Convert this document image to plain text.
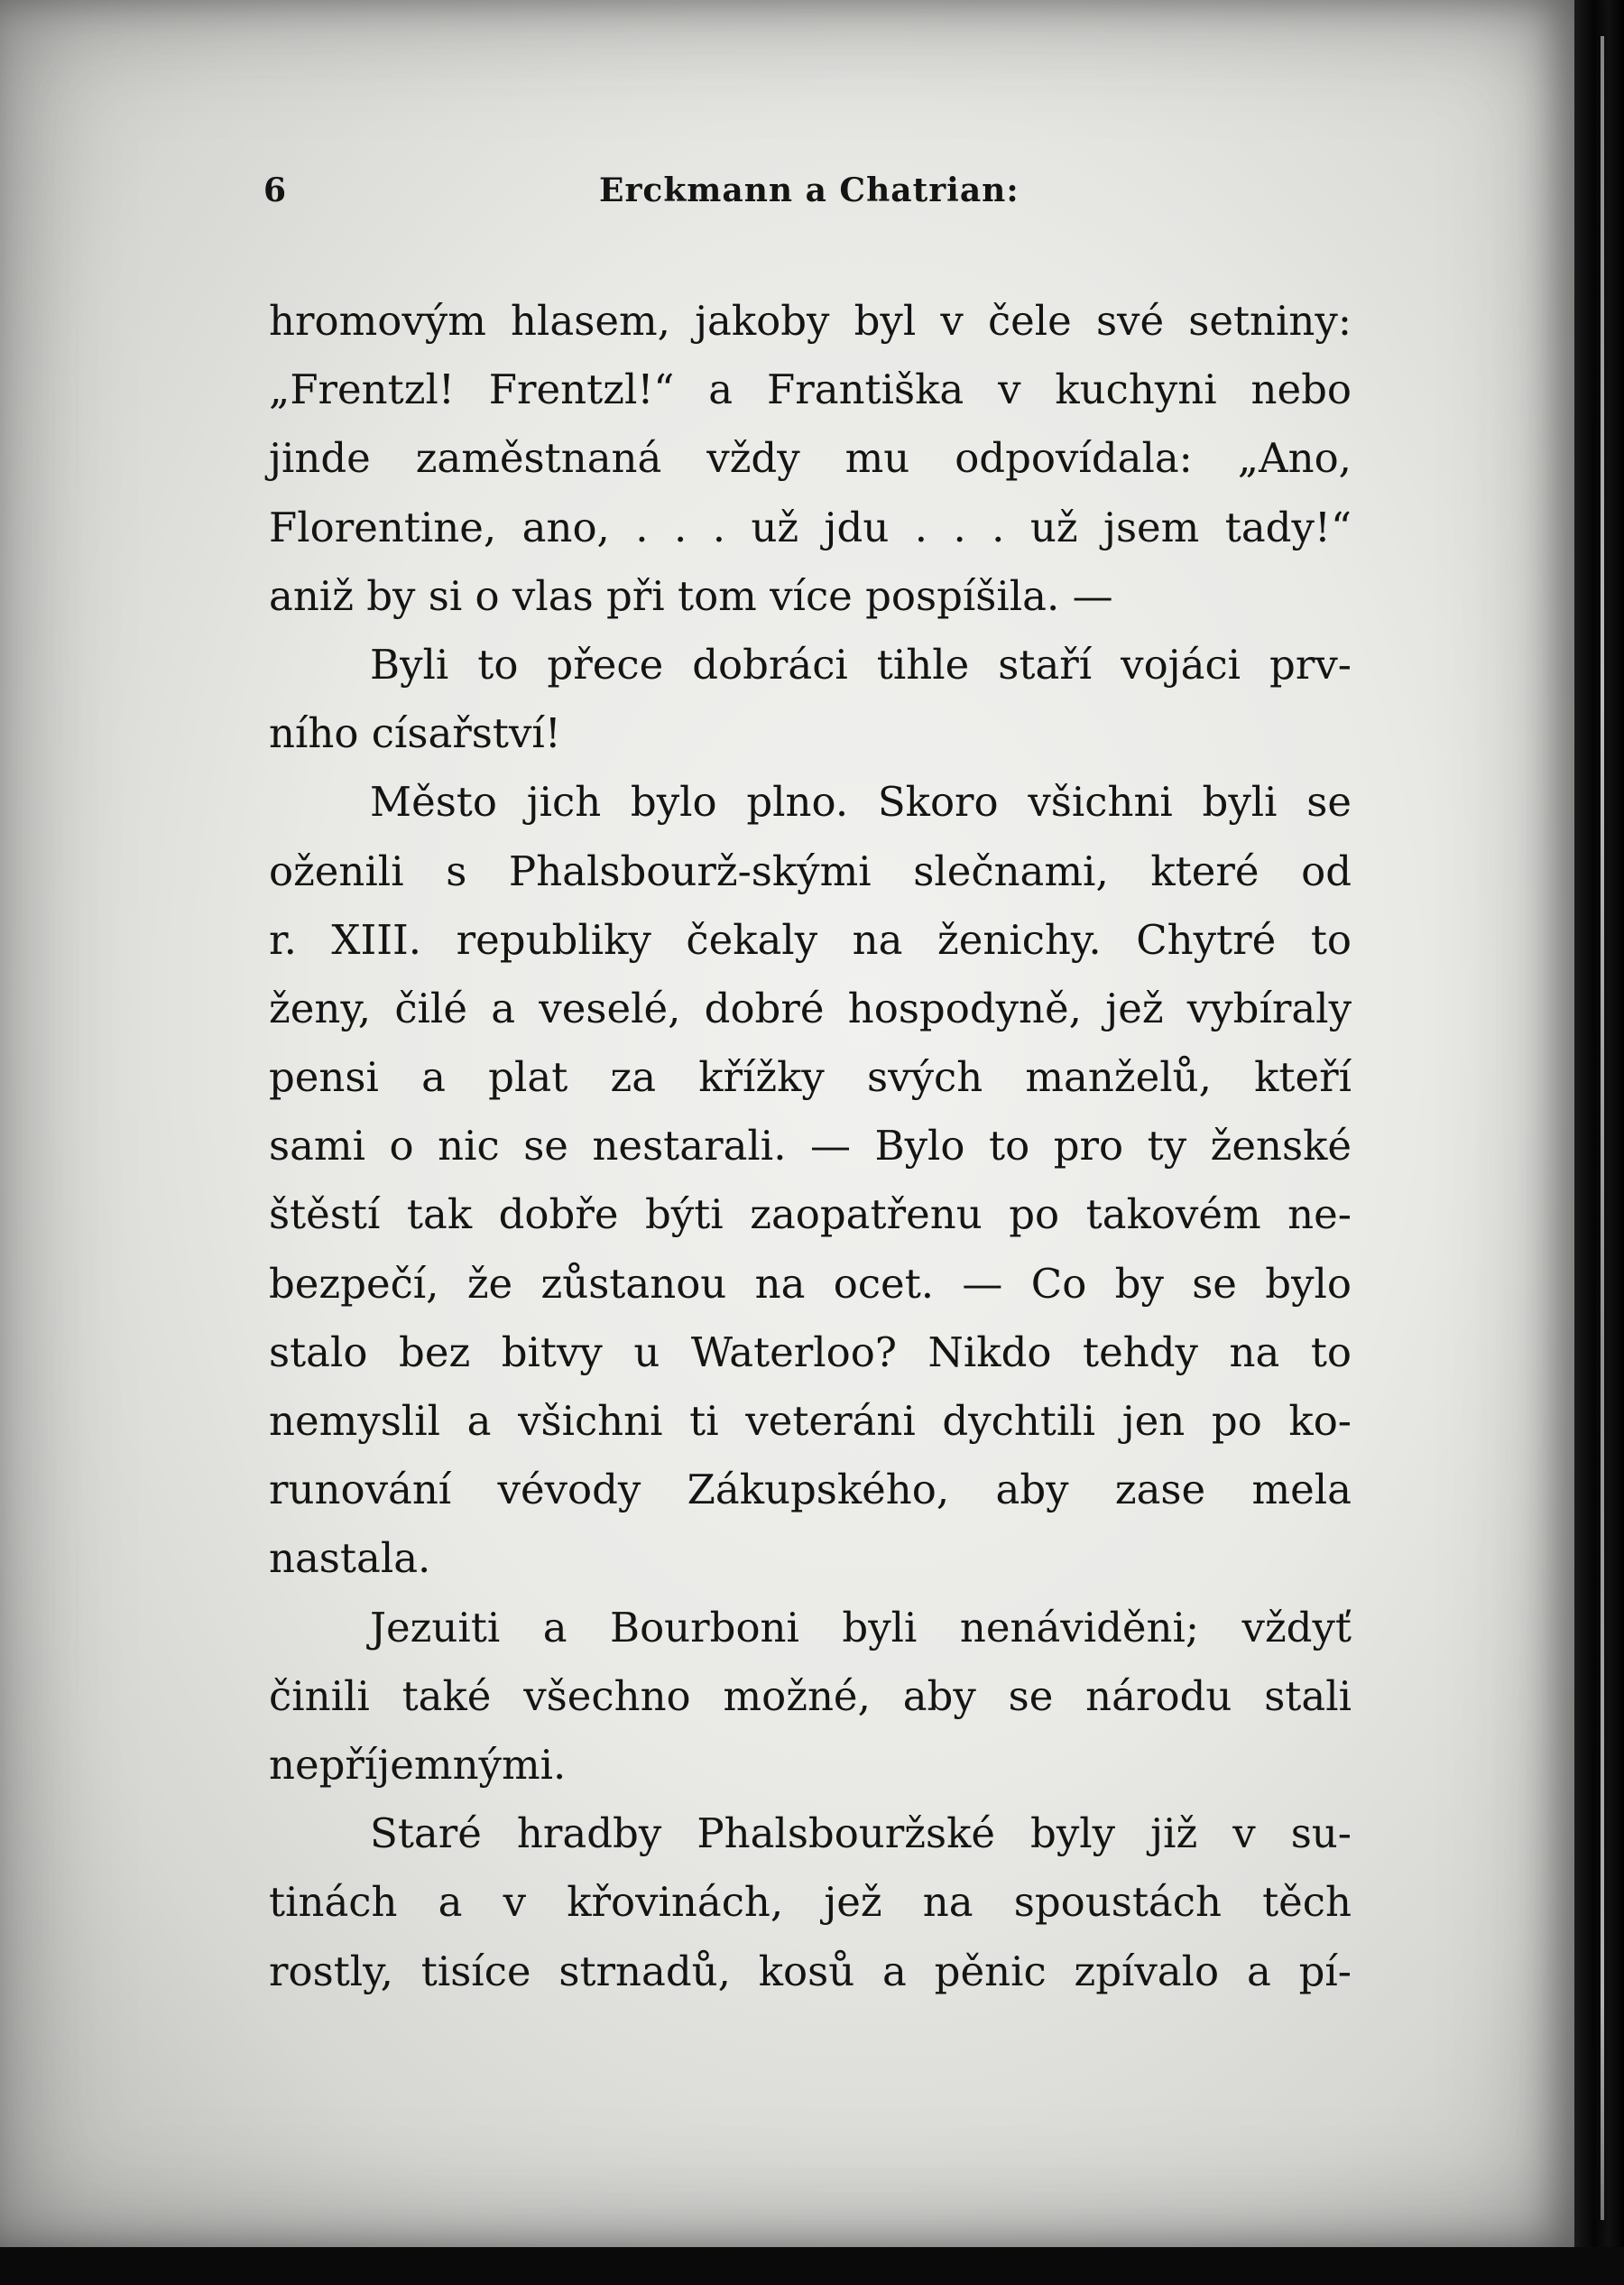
6	Erckmann a Chatrian:
hromovým hlasem, jakoby byl v čele své setniny:
„Frentzl! Frentzl!“ a Františka v kuchyni nebo
jinde zaměstnaná vždy mu odpovídala: „Ano,
Florentine, ano, . . . už jdu . . . už jsem tady!“
aniž by si o vlas při tom více pospíšila. —
Byli to přece dobráci tihle staří vojáci prv-
ního císařství!
Město jich bylo plno. Skoro všichni byli se
oženili s Phalsbourž-skými slečnami, které od
r. XIII. republiky čekaly na ženichy. Chytré to
ženy, čilé a veselé, dobré hospodyně, jež vybíraly
pensi a plat za křížky svých manželů, kteří
sami o nic se nestarali. — Bylo to pro ty ženské
štěstí tak dobře býti zaopatřenu po takovém ne-
bezpečí, že zůstanou na ocet. — Co by se bylo
stalo bez bitvy u Waterloo? Nikdo tehdy na to
nemyslil a všichni ti veteráni dychtili jen po ko-
runování vévody Zákupského, aby zase mela
nastala.
Jezuiti a Bourboni byli nenáviděni; vždyť
činili také všechno možné, aby se národu stali
nepříjemnými.
Staré hradby Phalsbouržské byly již v su-
tinách a v křovinách, jež na spoustách těch
rostly, tisíce strnadů, kosů a pěnic zpívalo a pí-
